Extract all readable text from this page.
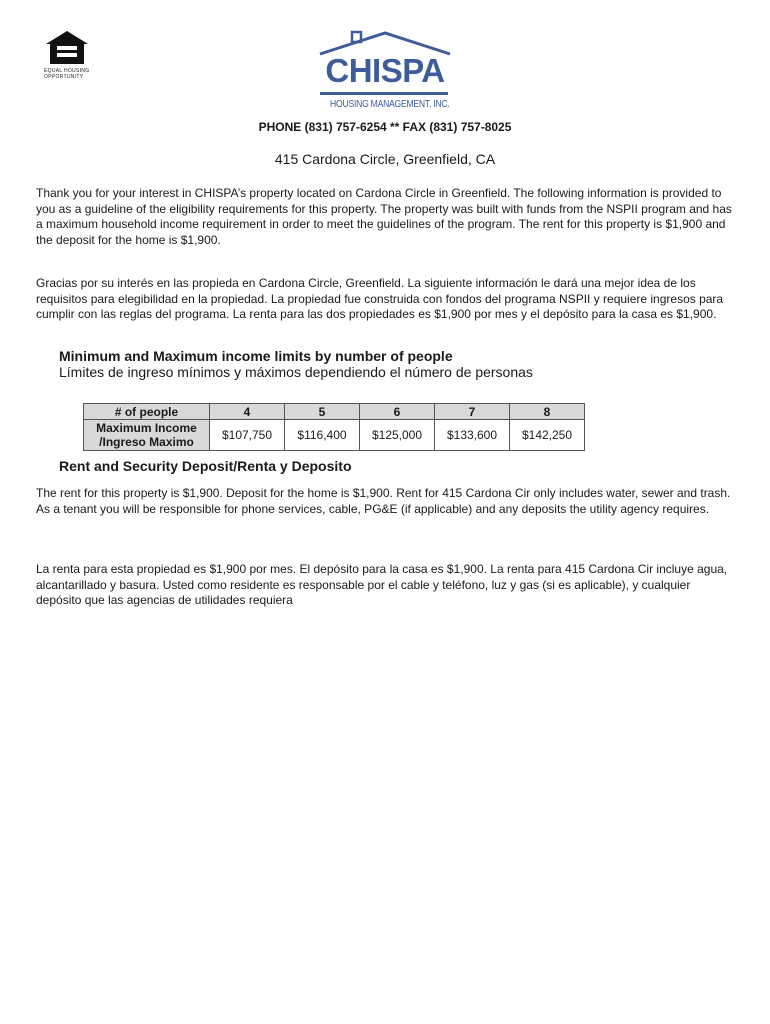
EQUAL HOUSING
OPPORTUNITY	CHISPA
HOUSING MANAGEMENT, INC.
PHONE (831) 757-6254 ** FAX (831) 757-8025
415 Cardona Circle, Greenfield, CA
Thank you for your interest in CHISPA’s property located on Cardona Circle in Greenfield. The following information is provided to you as a guideline of the eligibility requirements for this property. The property was built with funds from the NSPII program and has a maximum household income requirement in order to meet the guidelines of the program. The rent for this property is $1,900 and the deposit for the home is $1,900.
Gracias por su interés en las propieda en Cardona Circle, Greenfield. La siguiente información le dará una mejor idea de los requisitos para elegibilidad en la propiedad. La propiedad fue construida con fondos del programa NSPII y requiere ingresos para cumplir con las reglas del programa. La renta para las dos propiedades es $1,900 por mes y el depósito para la casa es $1,900.
Minimum and Maximum income limits by number of people
Límites de ingreso mínimos y máximos dependiendo el número de personas
# of people	4	5	6	7	8
Maximum Income /Ingreso Maximo	$107,750	$116,400	$125,000	$133,600	$142,250
Rent and Security Deposit/Renta y Deposito
The rent for this property is $1,900. Deposit for the home is $1,900. Rent for 415 Cardona Cir only includes water, sewer and trash. As a tenant you will be responsible for phone services, cable, PG&E (if applicable) and any deposits the utility agency requires.
La renta para esta propiedad es $1,900 por mes. El depósito para la casa es $1,900. La renta para 415 Cardona Cir incluye agua, alcantarillado y basura. Usted como residente es responsable por el cable y teléfono, luz y gas (si es aplicable), y cualquier depósito que las agencias de utilidades requiera
